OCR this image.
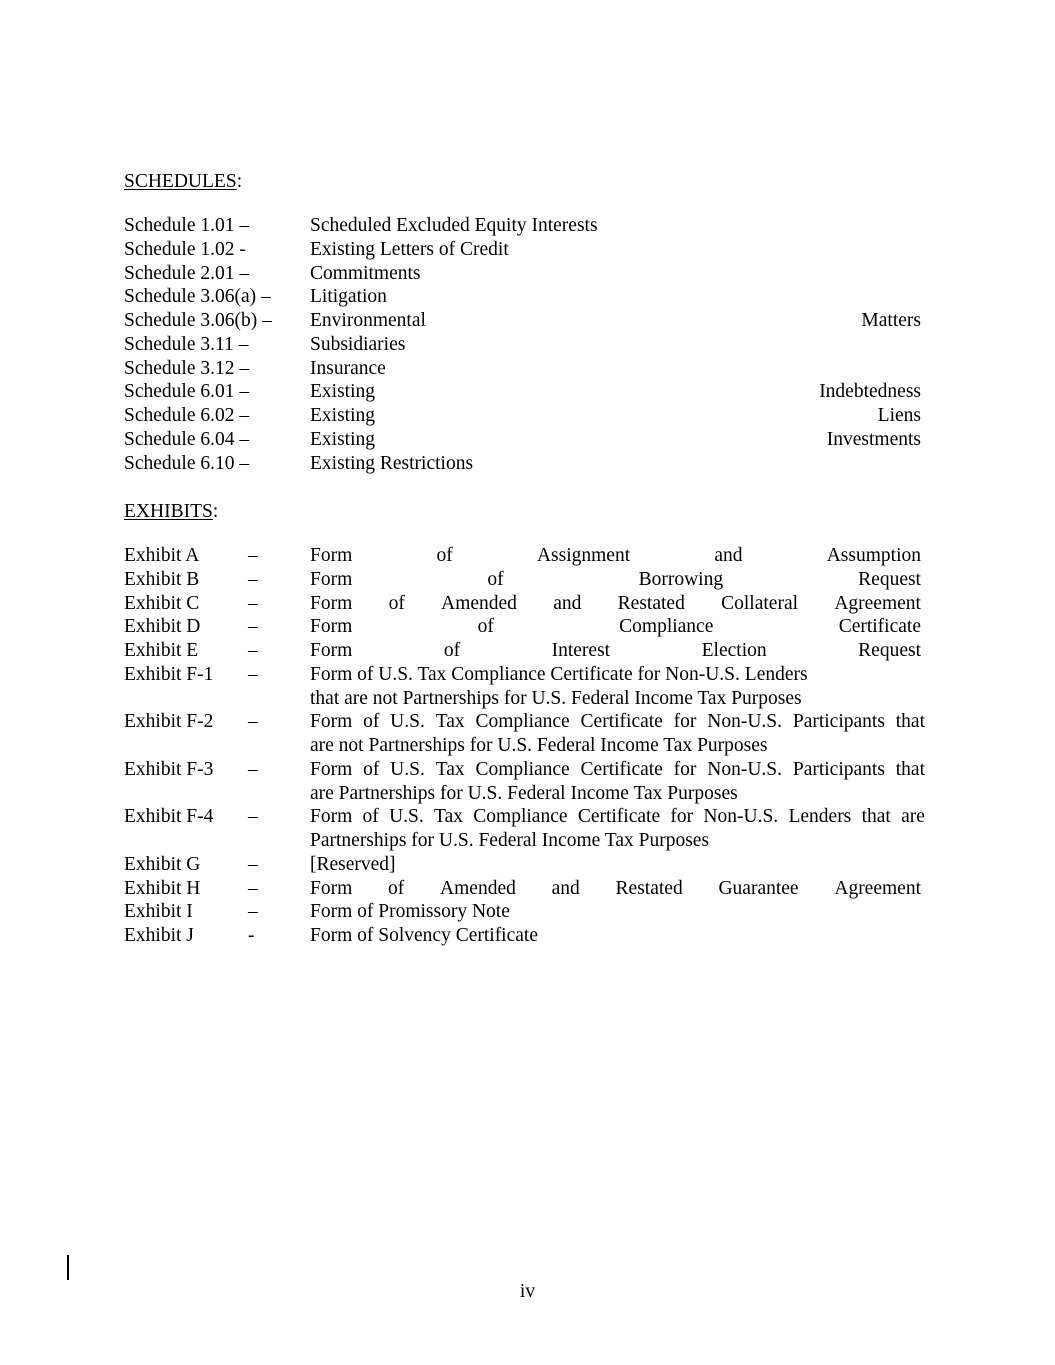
SCHEDULES:
Schedule 1.01 –	Scheduled Excluded Equity Interests
Schedule 1.02 -	Existing Letters of Credit
Schedule 2.01 –	Commitments
Schedule 3.06(a) – Litigation
Schedule 3.06(b) – Environmental	Matters
Schedule 3.11 –	Subsidiaries
Schedule 3.12 –	Insurance
Schedule 6.01 –	Existing	Indebtedness
Schedule 6.02 –	Existing	Liens
Schedule 6.04 –	Existing	Investments
Schedule 6.10 –	Existing Restrictions
EXHIBITS:
Exhibit A –	Form	of	Assignment	and	Assumption
Exhibit B –	Form	of	Borrowing	Request
Exhibit C –	Form of Amended and Restated Collateral Agreement
Exhibit D –	Form	of	Compliance	Certificate
Exhibit E	–	Form	of	Interest	Election	Request
Exhibit F-1 –	Form of U.S. Tax Compliance Certificate for Non-U.S. Lenders
that are not Partnerships for U.S. Federal Income Tax Purposes
Exhibit F-2 –	Form of U.S. Tax Compliance Certificate for Non-U.S. Participants that
are not Partnerships for U.S. Federal Income Tax Purposes
Exhibit F-3 –	Form of U.S. Tax Compliance Certificate for Non-U.S. Participants that
are Partnerships for U.S. Federal Income Tax Purposes
Exhibit F-4 –	Form of U.S. Tax Compliance Certificate for Non-U.S. Lenders that are
Partnerships for U.S. Federal Income Tax Purposes
Exhibit G –	[Reserved]
Exhibit H –	Form of Amended and Restated Guarantee Agreement
Exhibit I	–	Form of Promissory Note
Exhibit J	-	Form of Solvency Certificate
iv
